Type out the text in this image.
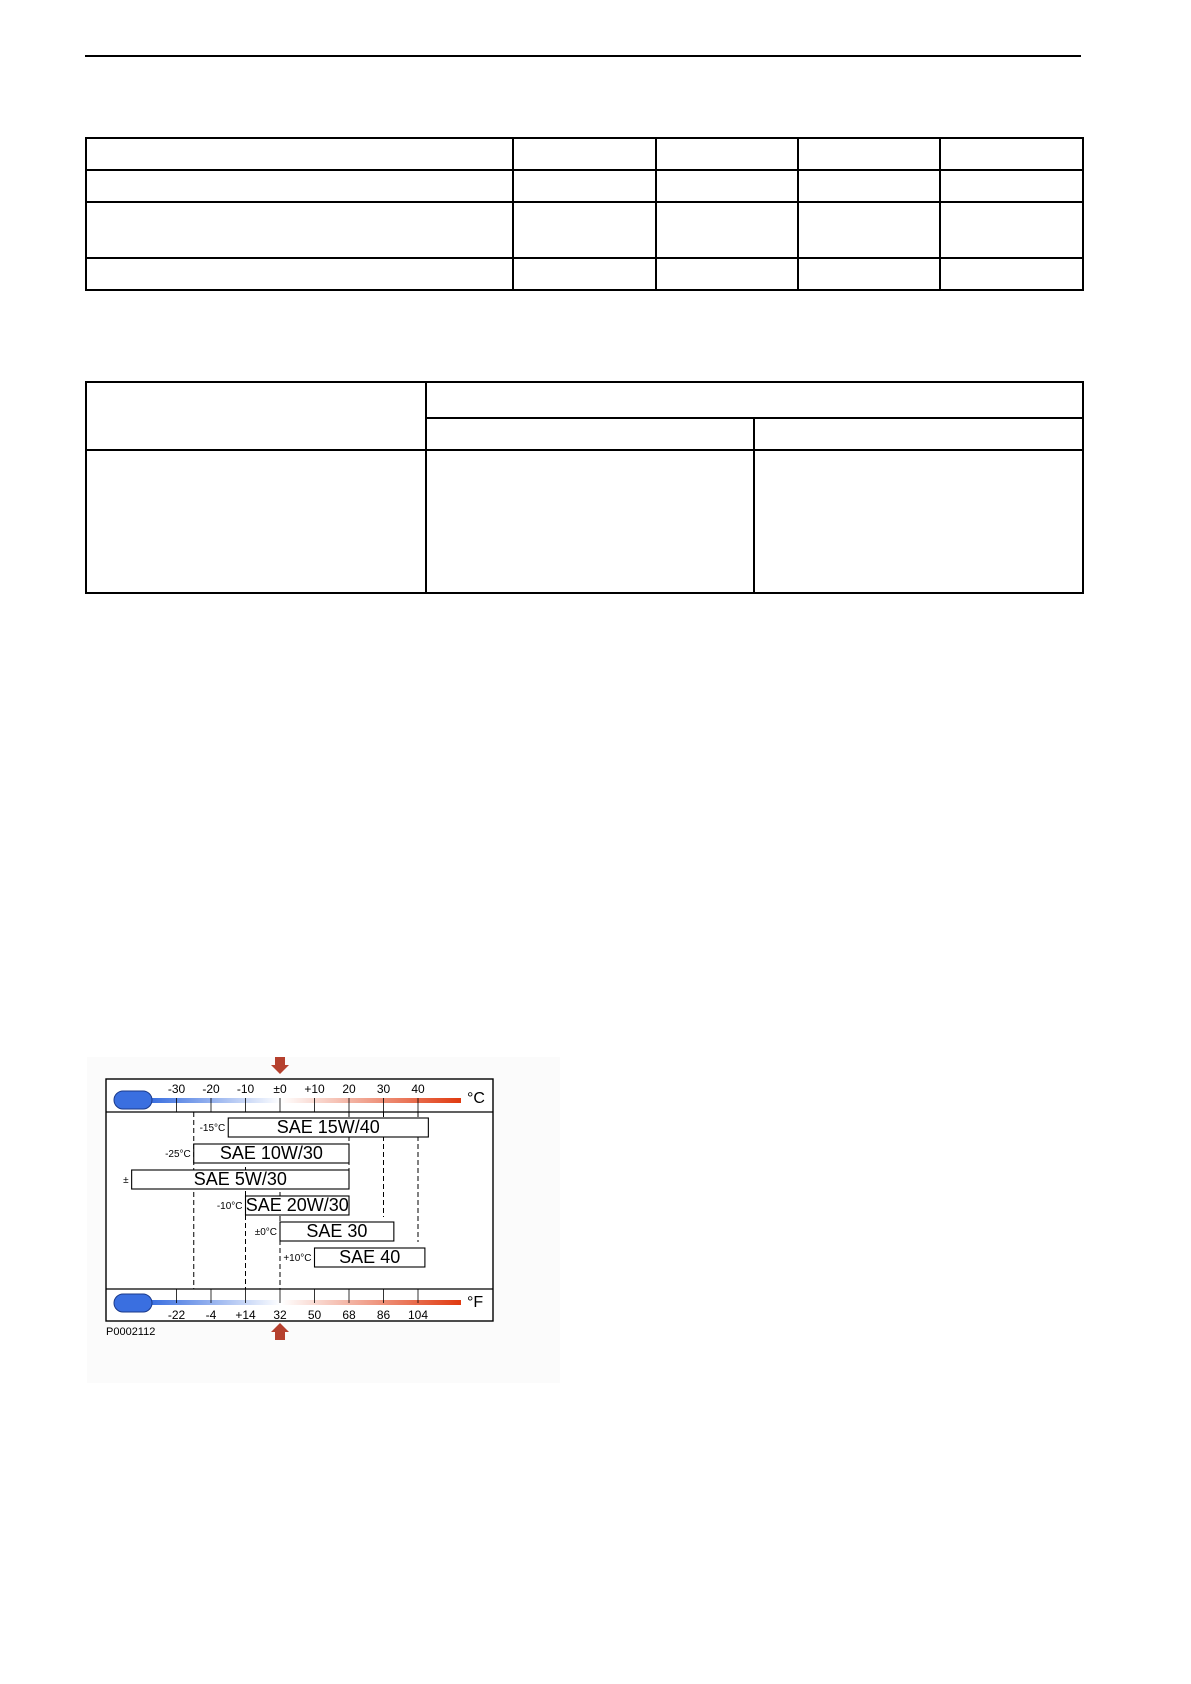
-30 -20 -10 ±0 +10 20 30 40
°C
-22 -4 +14 32 50 68 86 104
°F
SAE 15W/40
-15°C
SAE 10W/30
-25°C
SAE 5W/30
±
SAE 20W/30
-10°C
SAE 30
±0°C
SAE 40
+10°C
P0002112
